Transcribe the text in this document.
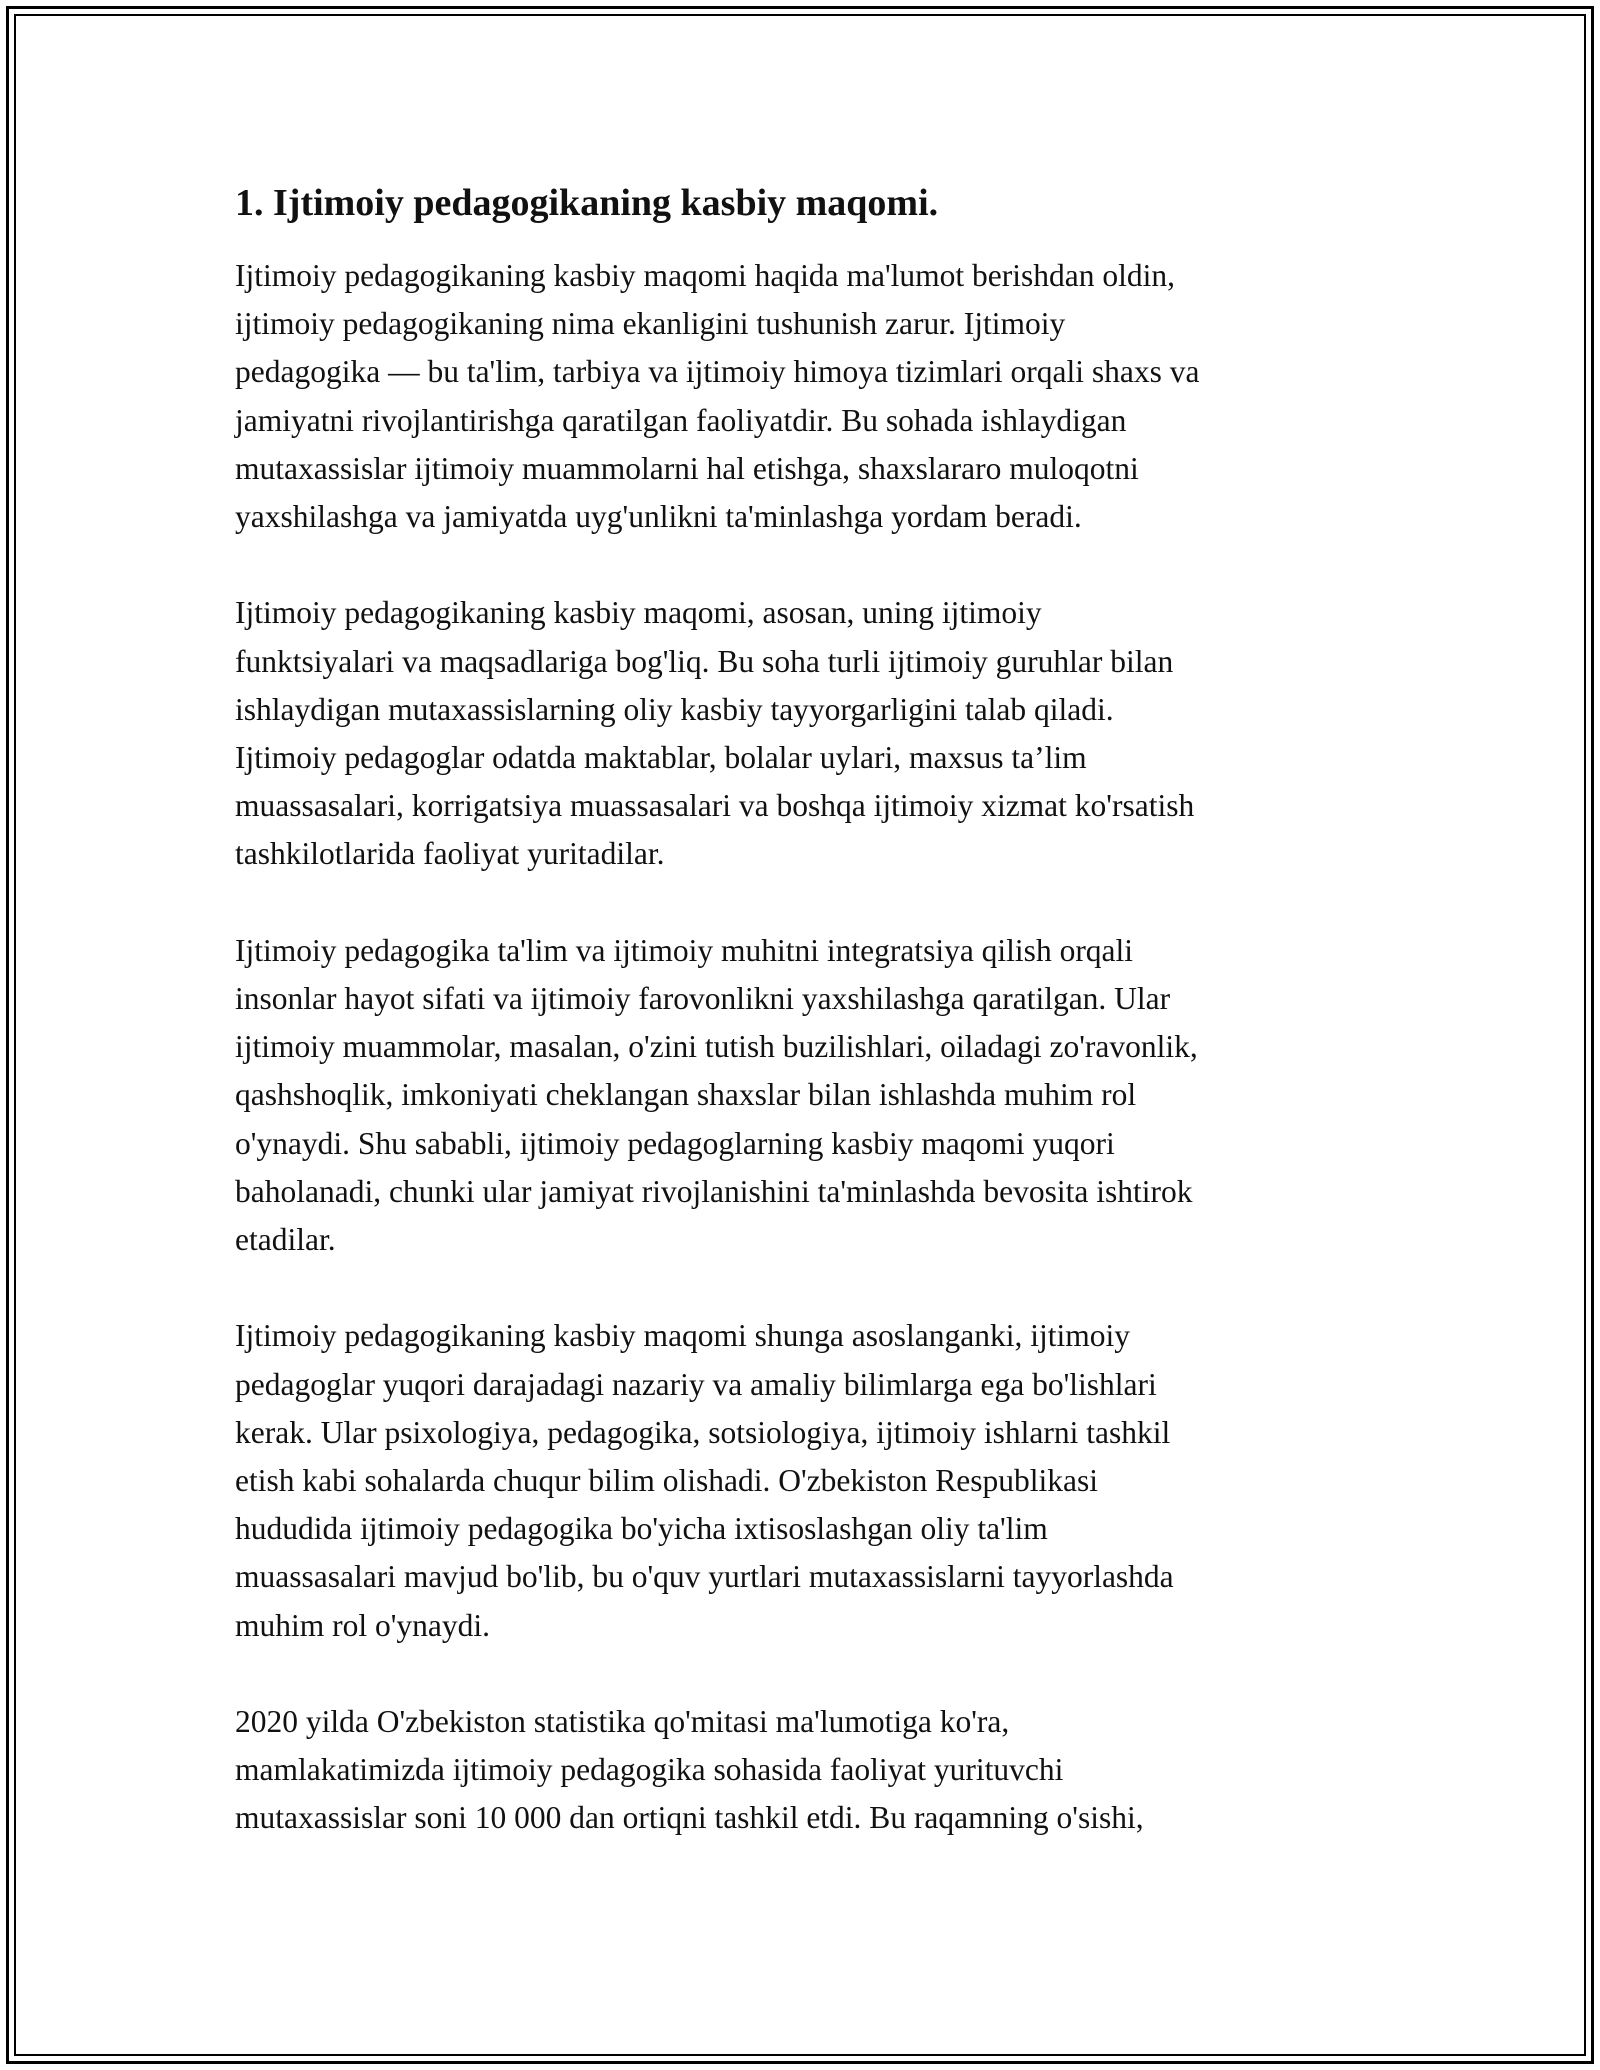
1. Ijtimoiy pedagogikaning kasbiy maqomi.

Ijtimoiy pedagogikaning kasbiy maqomi haqida ma'lumot berishdan oldin,
ijtimoiy pedagogikaning nima ekanligini tushunish zarur. Ijtimoiy
pedagogika — bu ta'lim, tarbiya va ijtimoiy himoya tizimlari orqali shaxs va
jamiyatni rivojlantirishga qaratilgan faoliyatdir. Bu sohada ishlaydigan
mutaxassislar ijtimoiy muammolarni hal etishga, shaxslararo muloqotni
yaxshilashga va jamiyatda uyg'unlikni ta'minlashga yordam beradi.

Ijtimoiy pedagogikaning kasbiy maqomi, asosan, uning ijtimoiy
funktsiyalari va maqsadlariga bog'liq. Bu soha turli ijtimoiy guruhlar bilan
ishlaydigan mutaxassislarning oliy kasbiy tayyorgarligini talab qiladi.
Ijtimoiy pedagoglar odatda maktablar, bolalar uylari, maxsus ta’lim
muassasalari, korrigatsiya muassasalari va boshqa ijtimoiy xizmat ko'rsatish
tashkilotlarida faoliyat yuritadilar.

Ijtimoiy pedagogika ta'lim va ijtimoiy muhitni integratsiya qilish orqali
insonlar hayot sifati va ijtimoiy farovonlikni yaxshilashga qaratilgan. Ular
ijtimoiy muammolar, masalan, o'zini tutish buzilishlari, oiladagi zo'ravonlik,
qashshoqlik, imkoniyati cheklangan shaxslar bilan ishlashda muhim rol
o'ynaydi. Shu sababli, ijtimoiy pedagoglarning kasbiy maqomi yuqori
baholanadi, chunki ular jamiyat rivojlanishini ta'minlashda bevosita ishtirok
etadilar.

Ijtimoiy pedagogikaning kasbiy maqomi shunga asoslanganki, ijtimoiy
pedagoglar yuqori darajadagi nazariy va amaliy bilimlarga ega bo'lishlari
kerak. Ular psixologiya, pedagogika, sotsiologiya, ijtimoiy ishlarni tashkil
etish kabi sohalarda chuqur bilim olishadi. O'zbekiston Respublikasi
hududida ijtimoiy pedagogika bo'yicha ixtisoslashgan oliy ta'lim
muassasalari mavjud bo'lib, bu o'quv yurtlari mutaxassislarni tayyorlashda
muhim rol o'ynaydi.

2020 yilda O'zbekiston statistika qo'mitasi ma'lumotiga ko'ra,
mamlakatimizda ijtimoiy pedagogika sohasida faoliyat yurituvchi
mutaxassislar soni 10 000 dan ortiqni tashkil etdi. Bu raqamning o'sishi,
